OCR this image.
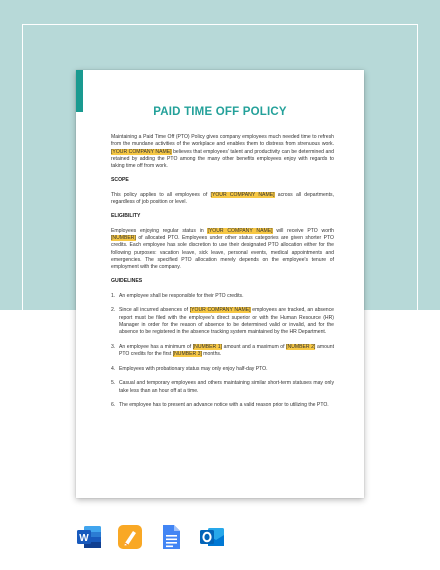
PAID TIME OFF POLICY

Maintaining a Paid Time Off (PTO) Policy gives company employees much needed time to refresh from the mundane activities of the workplace and enables them to distress from strenuous work. [YOUR COMPANY NAME] believes that employees' talent and productivity can be determined and retained by adding the PTO among the many other benefits employees enjoy with regards to taking time off from work.

SCOPE

This policy applies to all employees of [YOUR COMPANY NAME] across all departments, regardless of job position or level.

ELIGIBILITY

Employees enjoying regular status in [YOUR COMPANY NAME] will receive PTO worth [NUMBER] of allocated PTO. Employees under other status categories are given shorter PTO credits. Each employee has sole discretion to use their designated PTO allocation either for the following purposes: vacation leave, sick leave, personal events, medical appointments and emergencies. The specified PTO allocation merely depends on the employee's tenure of employment with the company.

GUIDELINES
1. An employee shall be responsible for their PTO credits.
2. Since all incurred absences of [YOUR COMPANY NAME] employees are tracked, an absence report must be filed with the employee's direct superior or with the Human Resource (HR) Manager in order for the reason of absence to be determined valid or invalid, and for the absence to be registered in the absence tracking system maintained by the HR Department.
3. An employee has a minimum of [NUMBER 1] amount and a maximum of [NUMBER 2] amount PTO credits for the first [NUMBER 3] months.
4. Employees with probationary status may only enjoy half-day PTO.
5. Casual and temporary employees and others maintaining similar short-term statuses may only take less than an hour off at a time.
6. The employee has to present an advance notice with a valid reason prior to utilizing the PTO.
W
